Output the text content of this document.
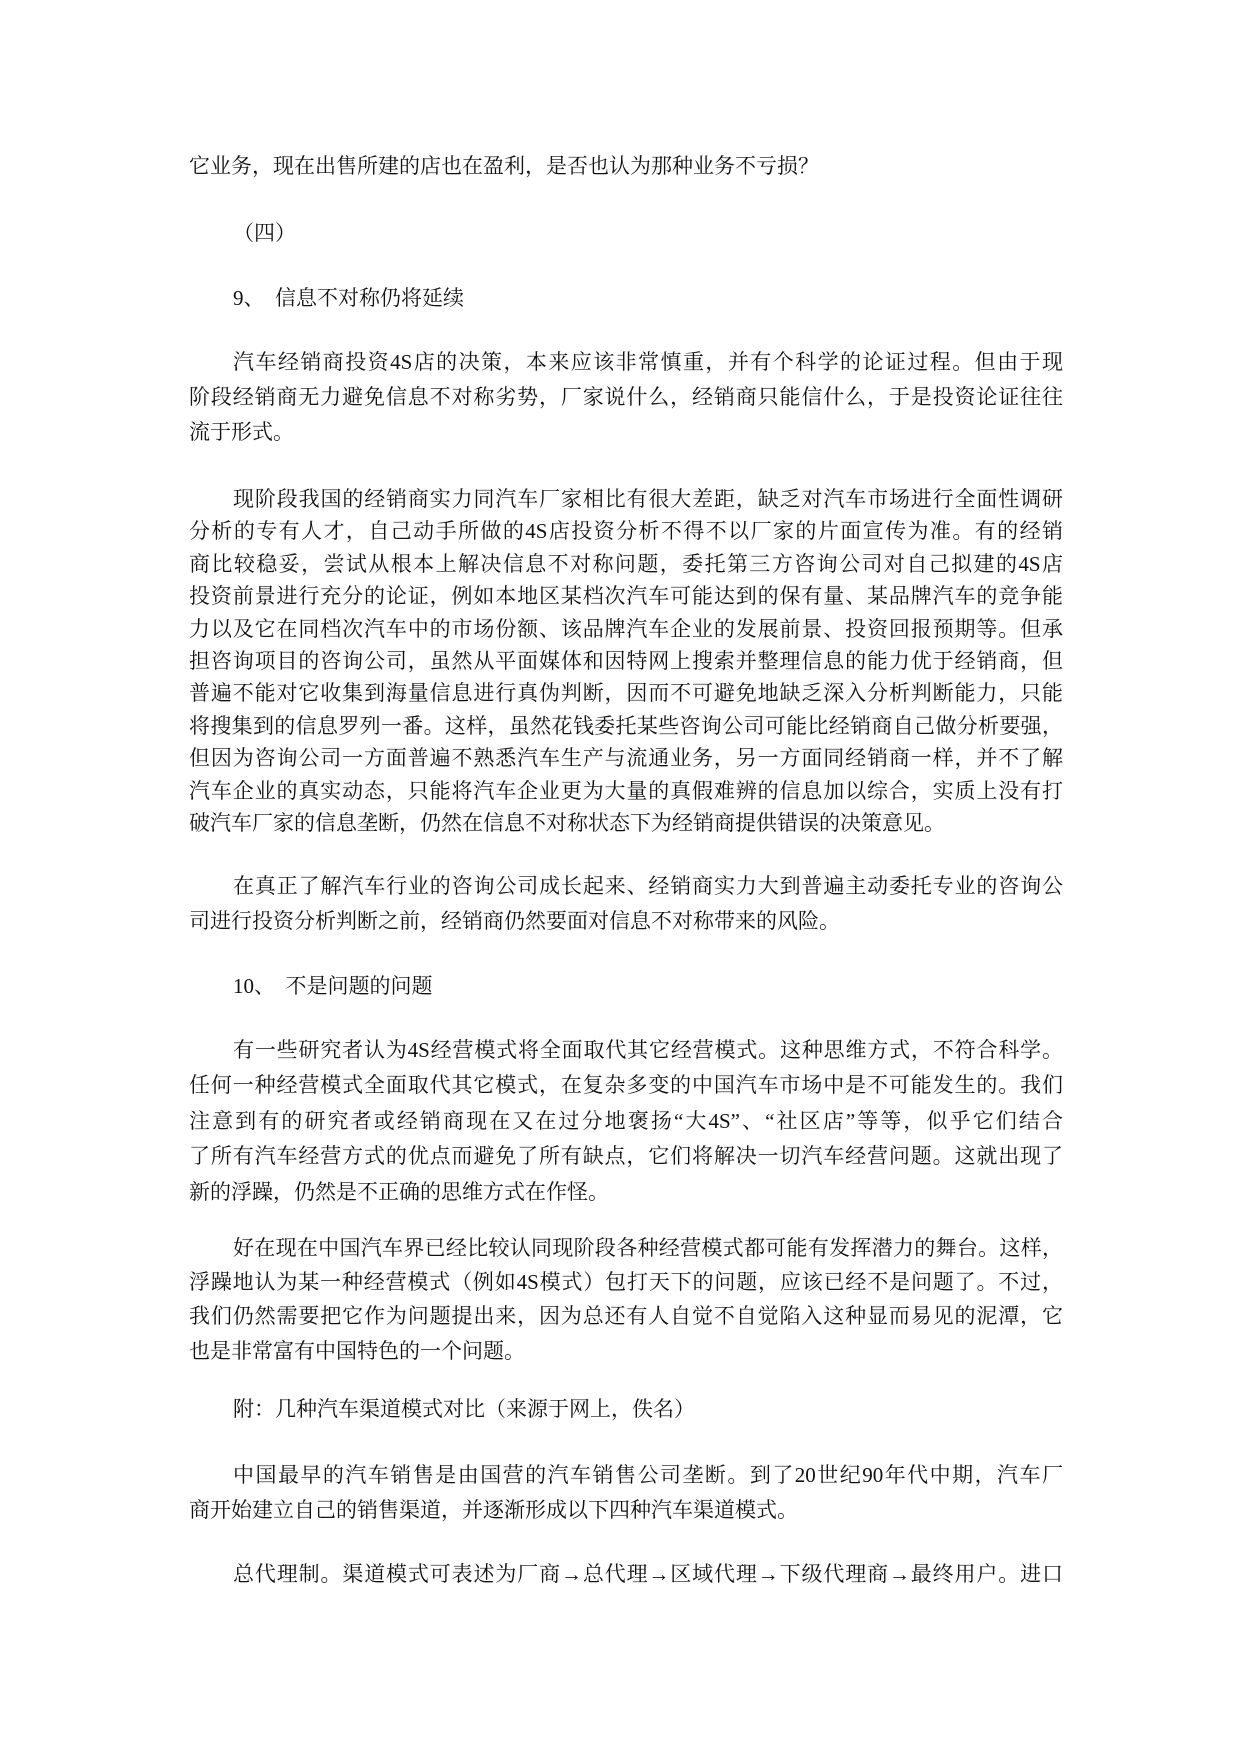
它业务，现在出售所建的店也在盈利，是否也认为那种业务不亏损？
（四）
9、  信息不对称仍将延续
汽车经销商投资4S店的决策，本来应该非常慎重，并有个科学的论证过程。但由于现
阶段经销商无力避免信息不对称劣势，厂家说什么，经销商只能信什么，于是投资论证往往
流于形式。
现阶段我国的经销商实力同汽车厂家相比有很大差距，缺乏对汽车市场进行全面性调研
分析的专有人才，自己动手所做的4S店投资分析不得不以厂家的片面宣传为准。有的经销
商比较稳妥，尝试从根本上解决信息不对称问题，委托第三方咨询公司对自己拟建的4S店
投资前景进行充分的论证，例如本地区某档次汽车可能达到的保有量、某品牌汽车的竞争能
力以及它在同档次汽车中的市场份额、该品牌汽车企业的发展前景、投资回报预期等。但承
担咨询项目的咨询公司，虽然从平面媒体和因特网上搜索并整理信息的能力优于经销商，但
普遍不能对它收集到海量信息进行真伪判断，因而不可避免地缺乏深入分析判断能力，只能
将搜集到的信息罗列一番。这样，虽然花钱委托某些咨询公司可能比经销商自己做分析要强，
但因为咨询公司一方面普遍不熟悉汽车生产与流通业务，另一方面同经销商一样，并不了解
汽车企业的真实动态，只能将汽车企业更为大量的真假难辨的信息加以综合，实质上没有打
破汽车厂家的信息垄断，仍然在信息不对称状态下为经销商提供错误的决策意见。
在真正了解汽车行业的咨询公司成长起来、经销商实力大到普遍主动委托专业的咨询公
司进行投资分析判断之前，经销商仍然要面对信息不对称带来的风险。
10、  不是问题的问题
有一些研究者认为4S经营模式将全面取代其它经营模式。这种思维方式，不符合科学。
任何一种经营模式全面取代其它模式，在复杂多变的中国汽车市场中是不可能发生的。我们
注意到有的研究者或经销商现在又在过分地褒扬“大4S”、“社区店”等等，似乎它们结合
了所有汽车经营方式的优点而避免了所有缺点，它们将解决一切汽车经营问题。这就出现了
新的浮躁，仍然是不正确的思维方式在作怪。
好在现在中国汽车界已经比较认同现阶段各种经营模式都可能有发挥潜力的舞台。这样，
浮躁地认为某一种经营模式（例如4S模式）包打天下的问题，应该已经不是问题了。不过，
我们仍然需要把它作为问题提出来，因为总还有人自觉不自觉陷入这种显而易见的泥潭，它
也是非常富有中国特色的一个问题。
附：几种汽车渠道模式对比（来源于网上，佚名）
中国最早的汽车销售是由国营的汽车销售公司垄断。到了20世纪90年代中期，汽车厂
商开始建立自己的销售渠道，并逐渐形成以下四种汽车渠道模式。
总代理制。渠道模式可表述为厂商→总代理→区域代理→下级代理商→最终用户。进口
